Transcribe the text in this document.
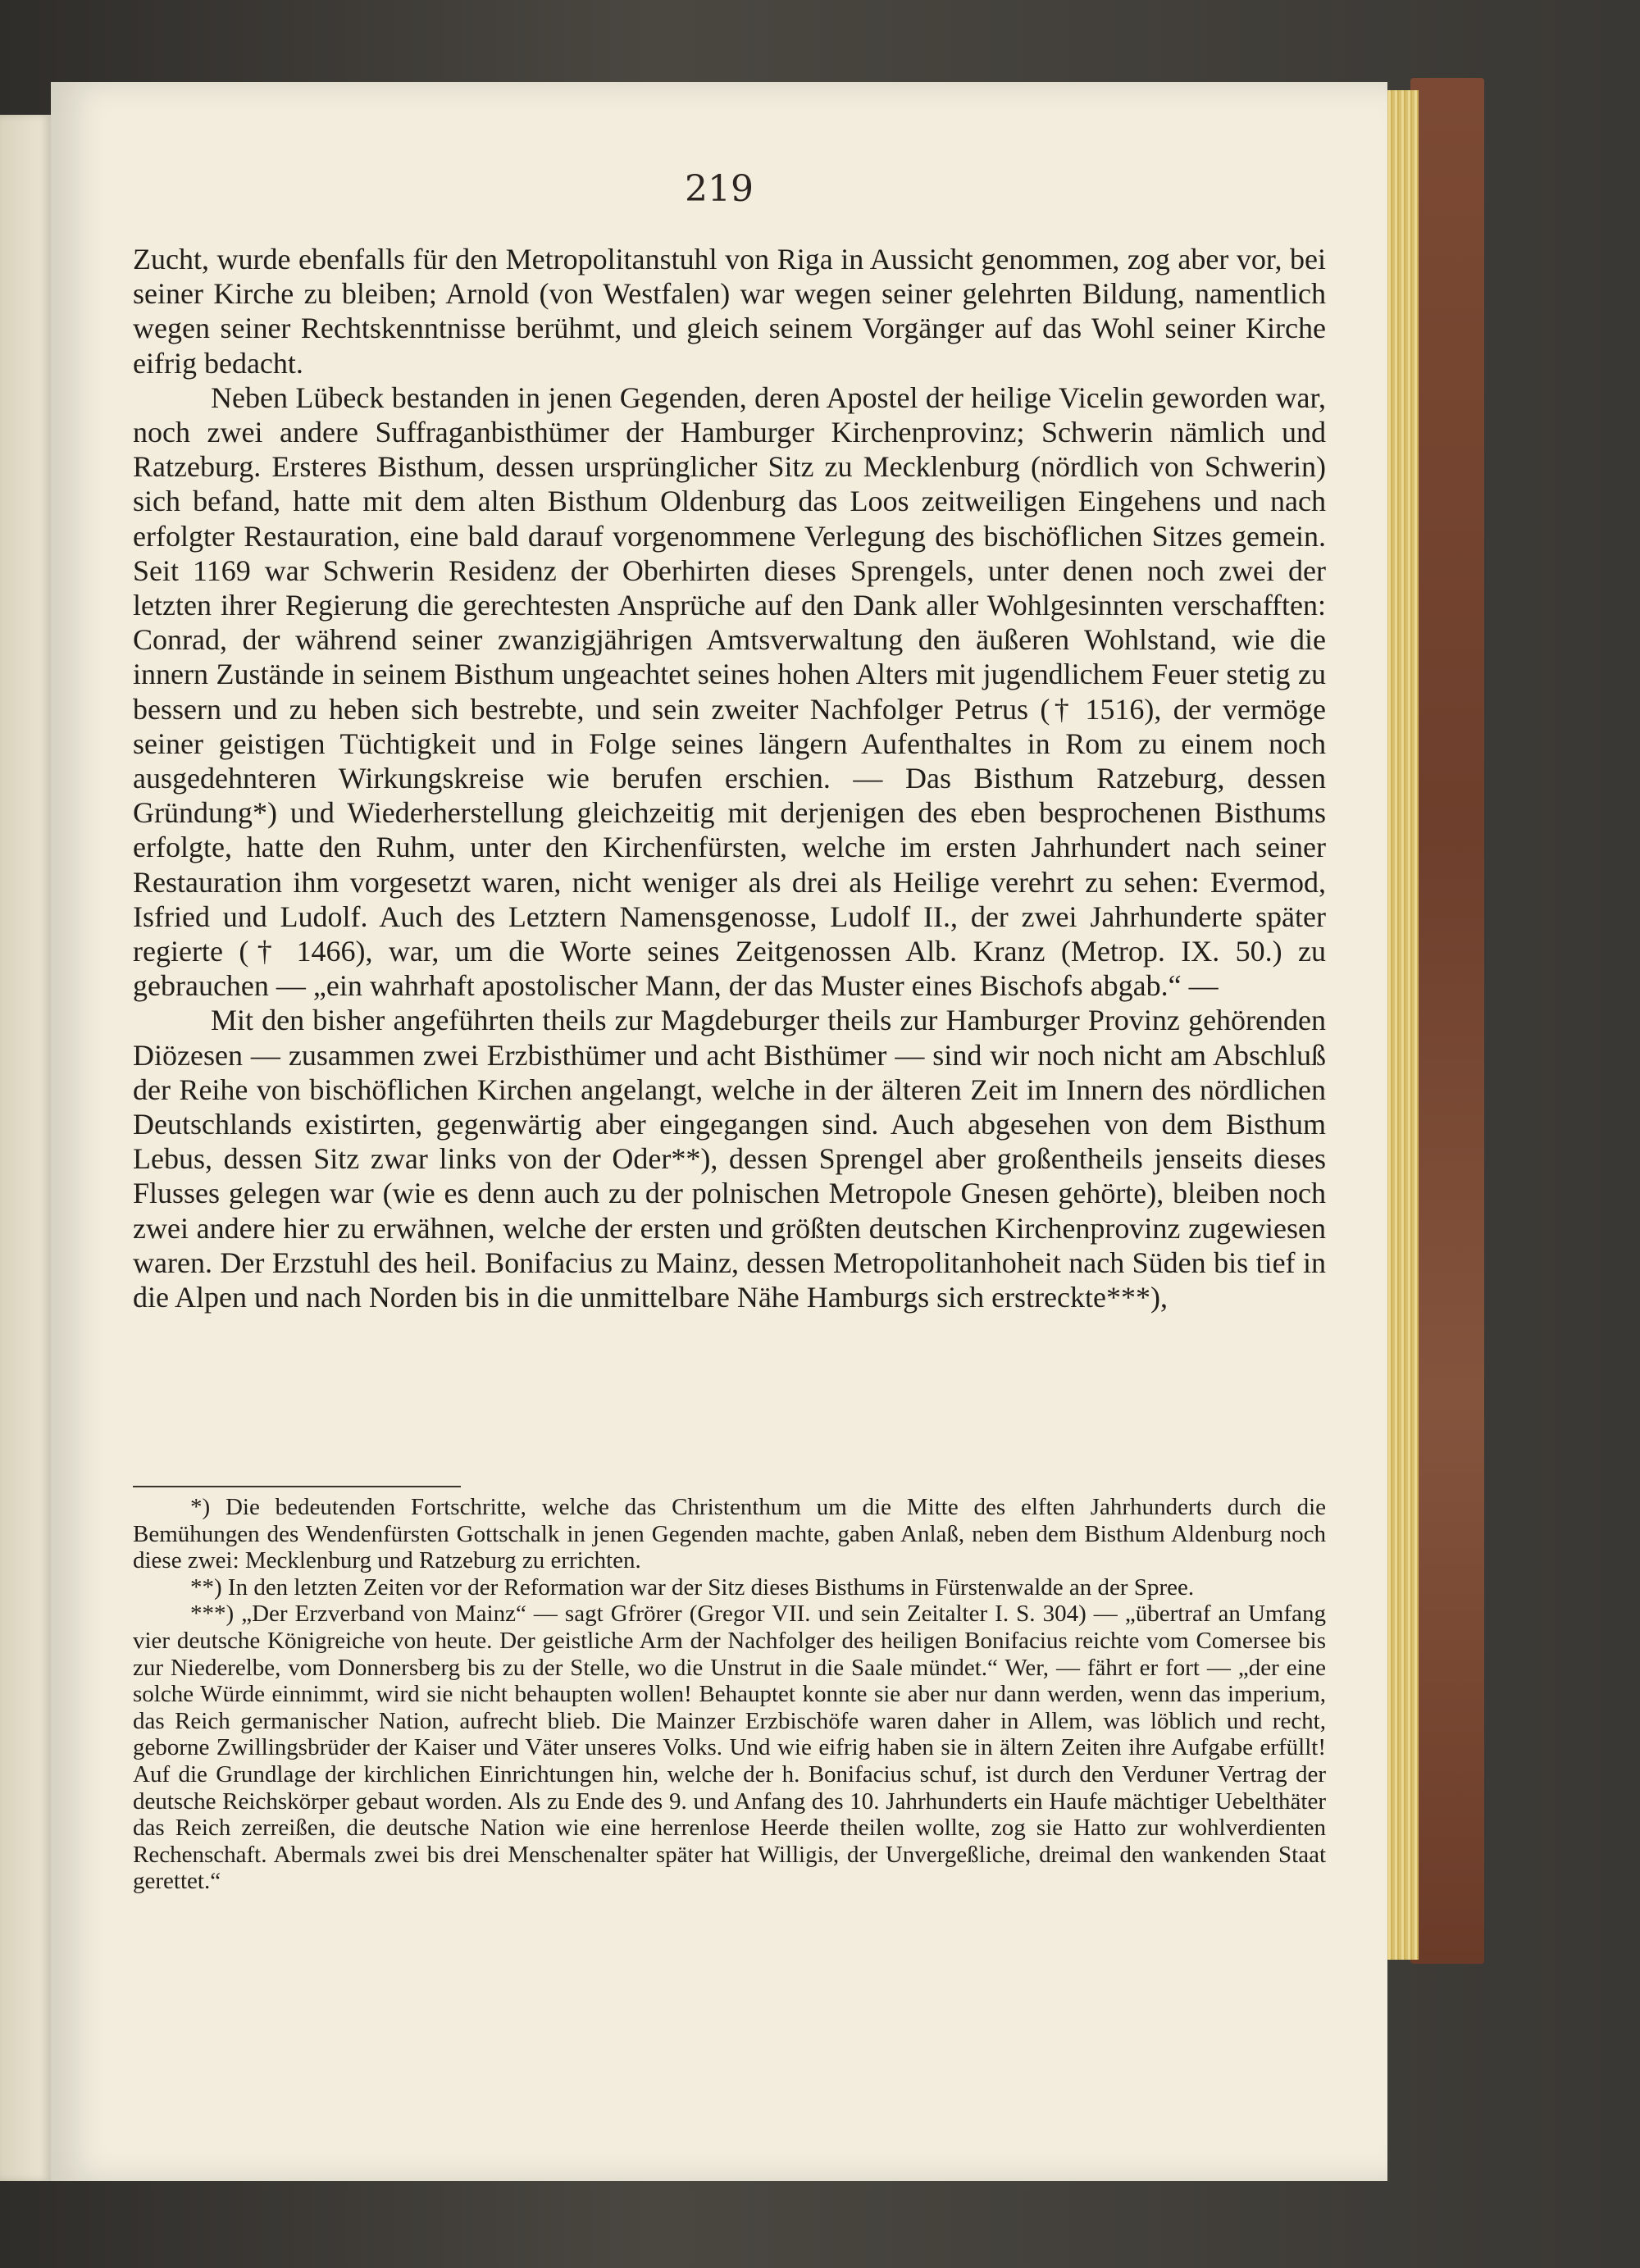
219

Zucht, wurde ebenfalls für den Metropolitanstuhl von Riga in Aussicht genommen, zog aber vor, bei seiner Kirche zu bleiben; Arnold (von Westfalen) war wegen seiner gelehrten Bildung, namentlich wegen seiner Rechtskenntnisse berühmt, und gleich seinem Vorgänger auf das Wohl seiner Kirche eifrig bedacht.

Neben Lübeck bestanden in jenen Gegenden, deren Apostel der heilige Vicelin geworden war, noch zwei andere Suffraganbisthümer der Hamburger Kirchenprovinz; Schwerin nämlich und Ratzeburg. Ersteres Bisthum, dessen ursprünglicher Sitz zu Mecklenburg (nördlich von Schwerin) sich befand, hatte mit dem alten Bisthum Oldenburg das Loos zeitweiligen Eingehens und nach erfolgter Restauration, eine bald darauf vorgenommene Verlegung des bischöflichen Sitzes gemein. Seit 1169 war Schwerin Residenz der Oberhirten dieses Sprengels, unter denen noch zwei der letzten ihrer Regierung die gerechtesten Ansprüche auf den Dank aller Wohlgesinnten verschafften: Conrad, der während seiner zwanzigjährigen Amtsverwaltung den äußeren Wohlstand, wie die innern Zustände in seinem Bisthum ungeachtet seines hohen Alters mit jugendlichem Feuer stetig zu bessern und zu heben sich bestrebte, und sein zweiter Nachfolger Petrus († 1516), der vermöge seiner geistigen Tüchtigkeit und in Folge seines längern Aufenthaltes in Rom zu einem noch ausgedehnteren Wirkungskreise wie berufen erschien. — Das Bisthum Ratzeburg, dessen Gründung*) und Wiederherstellung gleichzeitig mit derjenigen des eben besprochenen Bisthums erfolgte, hatte den Ruhm, unter den Kirchenfürsten, welche im ersten Jahrhundert nach seiner Restauration ihm vorgesetzt waren, nicht weniger als drei als Heilige verehrt zu sehen: Evermod, Isfried und Ludolf. Auch des Letztern Namensgenosse, Ludolf II., der zwei Jahrhunderte später regierte († 1466), war, um die Worte seines Zeitgenossen Alb. Kranz (Metrop. IX. 50.) zu gebrauchen — „ein wahrhaft apostolischer Mann, der das Muster eines Bischofs abgab.“ —

Mit den bisher angeführten theils zur Magdeburger theils zur Hamburger Provinz gehörenden Diözesen — zusammen zwei Erzbisthümer und acht Bisthümer — sind wir noch nicht am Abschluß der Reihe von bischöflichen Kirchen angelangt, welche in der älteren Zeit im Innern des nördlichen Deutschlands existirten, gegenwärtig aber eingegangen sind. Auch abgesehen von dem Bisthum Lebus, dessen Sitz zwar links von der Oder**), dessen Sprengel aber großentheils jenseits dieses Flusses gelegen war (wie es denn auch zu der polnischen Metropole Gnesen gehörte), bleiben noch zwei andere hier zu erwähnen, welche der ersten und größten deutschen Kirchenprovinz zugewiesen waren. Der Erzstuhl des heil. Bonifacius zu Mainz, dessen Metropolitanhoheit nach Süden bis tief in die Alpen und nach Norden bis in die unmittelbare Nähe Hamburgs sich erstreckte***),

*) Die bedeutenden Fortschritte, welche das Christenthum um die Mitte des elften Jahrhunderts durch die Bemühungen des Wendenfürsten Gottschalk in jenen Gegenden machte, gaben Anlaß, neben dem Bisthum Aldenburg noch diese zwei: Mecklenburg und Ratzeburg zu errichten.

**) In den letzten Zeiten vor der Reformation war der Sitz dieses Bisthums in Fürstenwalde an der Spree.

***) „Der Erzverband von Mainz“ — sagt Gfrörer (Gregor VII. und sein Zeitalter I. S. 304) — „übertraf an Umfang vier deutsche Königreiche von heute. Der geistliche Arm der Nachfolger des heiligen Bonifacius reichte vom Comersee bis zur Niederelbe, vom Donnersberg bis zu der Stelle, wo die Unstrut in die Saale mündet.“ Wer, — fährt er fort — „der eine solche Würde einnimmt, wird sie nicht behaupten wollen! Behauptet konnte sie aber nur dann werden, wenn das imperium, das Reich germanischer Nation, aufrecht blieb. Die Mainzer Erzbischöfe waren daher in Allem, was löblich und recht, geborne Zwillingsbrüder der Kaiser und Väter unseres Volks. Und wie eifrig haben sie in ältern Zeiten ihre Aufgabe erfüllt! Auf die Grundlage der kirchlichen Einrichtungen hin, welche der h. Bonifacius schuf, ist durch den Verduner Vertrag der deutsche Reichskörper gebaut worden. Als zu Ende des 9. und Anfang des 10. Jahrhunderts ein Haufe mächtiger Uebelthäter das Reich zerreißen, die deutsche Nation wie eine herrenlose Heerde theilen wollte, zog sie Hatto zur wohlverdienten Rechenschaft. Abermals zwei bis drei Menschenalter später hat Willigis, der Unvergeßliche, dreimal den wankenden Staat gerettet.“
